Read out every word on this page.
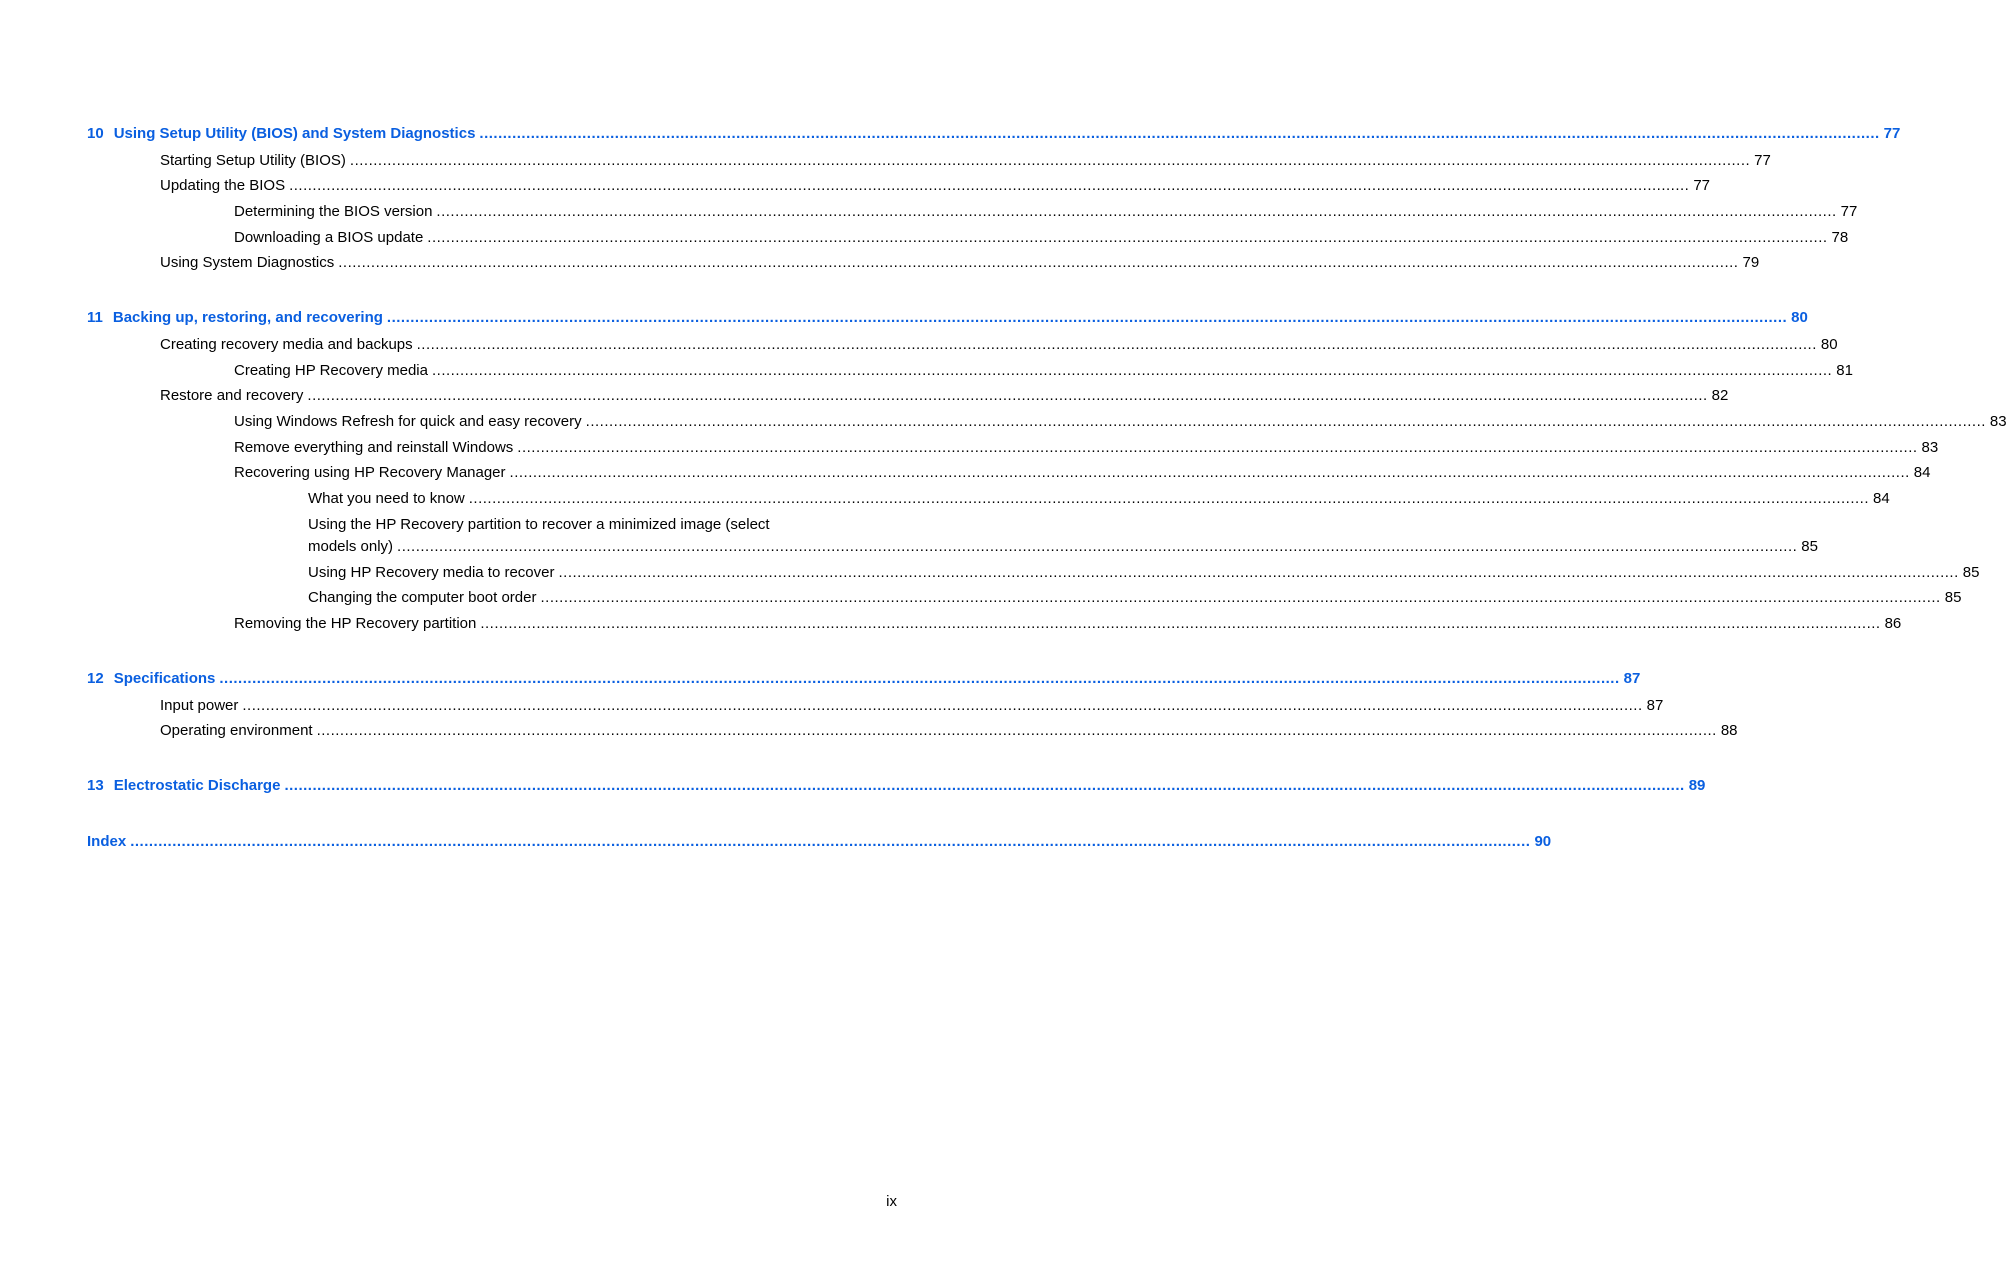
10 Using Setup Utility (BIOS) and System Diagnostics ............................................................................................................................................................................................................................................................................................................ 77
Starting Setup Utility (BIOS) ............................................................................................................................................................................................................................................................................................................ 77
Updating the BIOS ............................................................................................................................................................................................................................................................................................................ 77
Determining the BIOS version ............................................................................................................................................................................................................................................................................................................ 77
Downloading a BIOS update ............................................................................................................................................................................................................................................................................................................ 78
Using System Diagnostics ............................................................................................................................................................................................................................................................................................................ 79
11 Backing up, restoring, and recovering ............................................................................................................................................................................................................................................................................................................ 80
Creating recovery media and backups ............................................................................................................................................................................................................................................................................................................ 80
Creating HP Recovery media ............................................................................................................................................................................................................................................................................................................ 81
Restore and recovery ............................................................................................................................................................................................................................................................................................................ 82
Using Windows Refresh for quick and easy recovery ............................................................................................................................................................................................................................................................................................................ 83
Remove everything and reinstall Windows ............................................................................................................................................................................................................................................................................................................ 83
Recovering using HP Recovery Manager ............................................................................................................................................................................................................................................................................................................ 84
What you need to know ............................................................................................................................................................................................................................................................................................................ 84
Using the HP Recovery partition to recover a minimized image (select
models only) ............................................................................................................................................................................................................................................................................................................ 85
Using HP Recovery media to recover ............................................................................................................................................................................................................................................................................................................ 85
Changing the computer boot order ............................................................................................................................................................................................................................................................................................................ 85
Removing the HP Recovery partition ............................................................................................................................................................................................................................................................................................................ 86
12 Specifications ............................................................................................................................................................................................................................................................................................................ 87
Input power ............................................................................................................................................................................................................................................................................................................ 87
Operating environment ............................................................................................................................................................................................................................................................................................................ 88
13 Electrostatic Discharge ............................................................................................................................................................................................................................................................................................................ 89
Index ............................................................................................................................................................................................................................................................................................................ 90
ix
